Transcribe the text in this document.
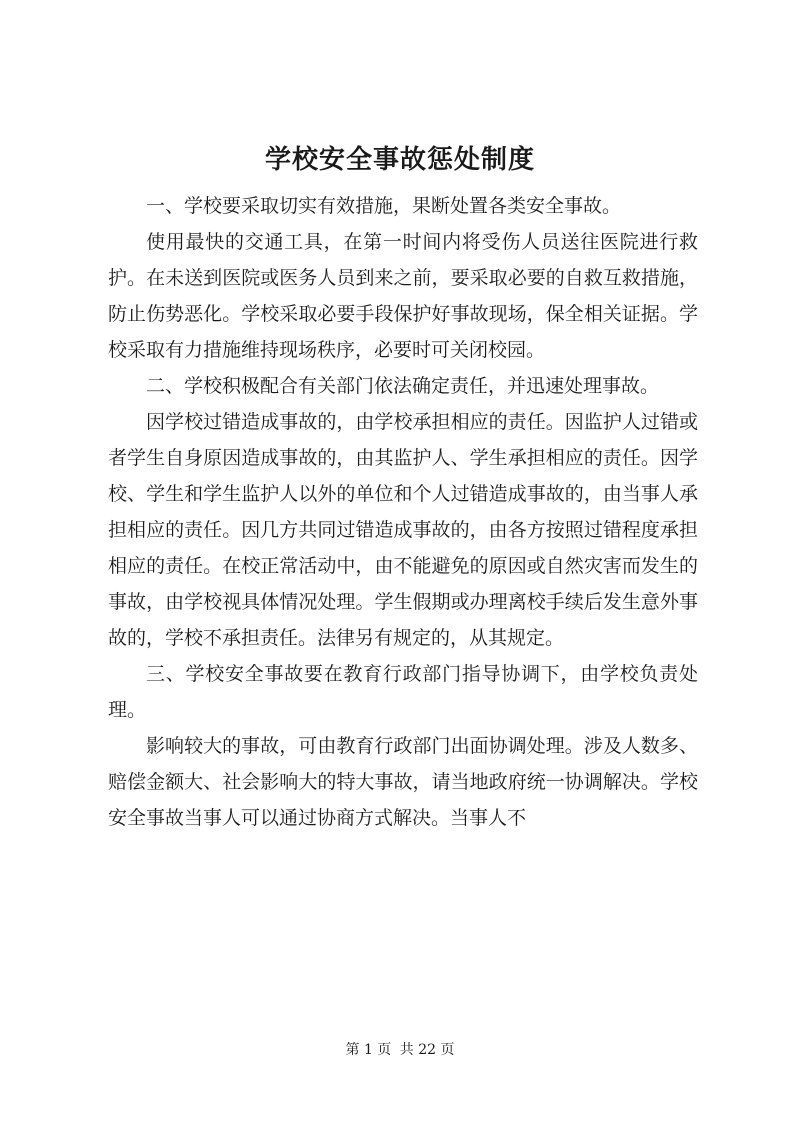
学校安全事故惩处制度

一、学校要采取切实有效措施，果断处置各类安全事故。

使用最快的交通工具，在第一时间内将受伤人员送往医院进行救护。在未送到医院或医务人员到来之前，要采取必要的自救互救措施，防止伤势恶化。学校采取必要手段保护好事故现场，保全相关证据。学校采取有力措施维持现场秩序，必要时可关闭校园。

二、学校积极配合有关部门依法确定责任，并迅速处理事故。

因学校过错造成事故的，由学校承担相应的责任。因监护人过错或者学生自身原因造成事故的，由其监护人、学生承担相应的责任。因学校、学生和学生监护人以外的单位和个人过错造成事故的，由当事人承担相应的责任。因几方共同过错造成事故的，由各方按照过错程度承担相应的责任。在校正常活动中，由不能避免的原因或自然灾害而发生的事故，由学校视具体情况处理。学生假期或办理离校手续后发生意外事故的，学校不承担责任。法律另有规定的，从其规定。

三、学校安全事故要在教育行政部门指导协调下，由学校负责处理。

影响较大的事故，可由教育行政部门出面协调处理。涉及人数多、赔偿金额大、社会影响大的特大事故，请当地政府统一协调解决。学校安全事故当事人可以通过协商方式解决。当事人不

第 1 页 共 22 页
